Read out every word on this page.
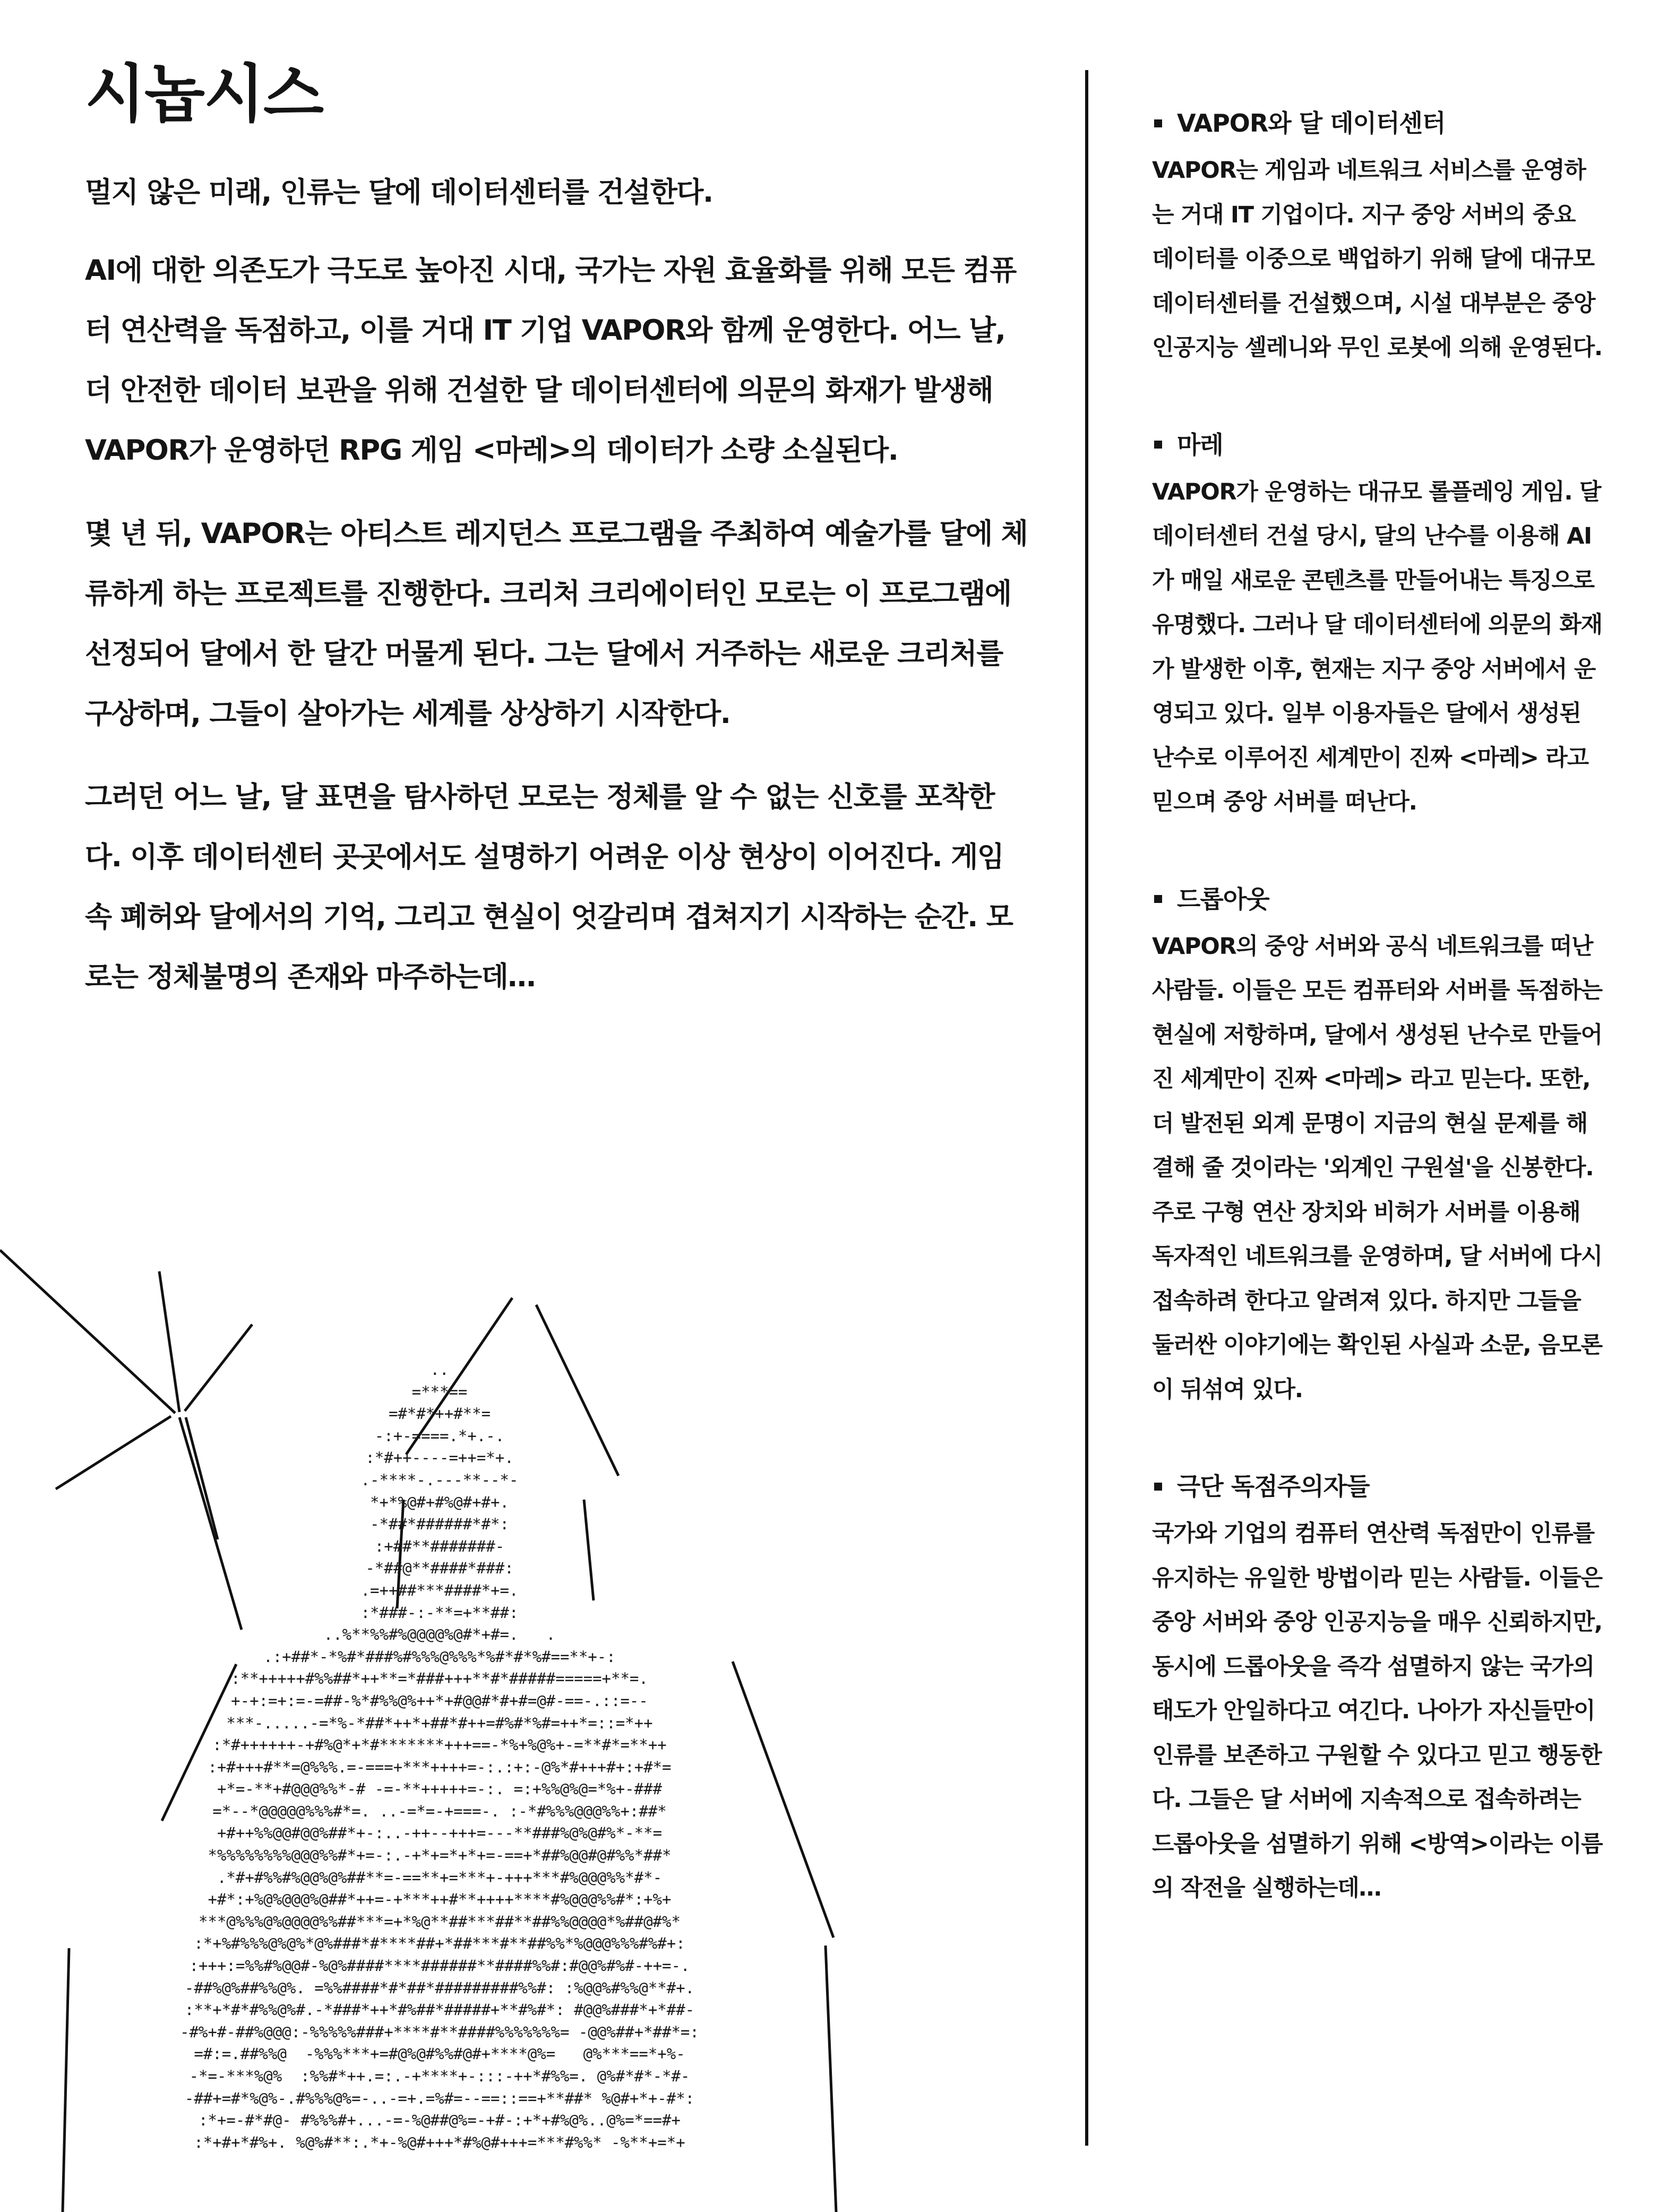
시놉시스

멀지 않은 미래, 인류는 달에 데이터센터를 건설한다.

AI에 대한 의존도가 극도로 높아진 시대, 국가는 자원 효율화를 위해 모든 컴퓨터 연산력을 독점하고, 이를 거대 IT 기업 VAPOR와 함께 운영한다. 어느 날, 더 안전한 데이터 보관을 위해 건설한 달 데이터센터에 의문의 화재가 발생해 VAPOR가 운영하던 RPG 게임 <마레>의 데이터가 소량 소실된다.

몇 년 뒤, VAPOR는 아티스트 레지던스 프로그램을 주최하여 예술가를 달에 체류하게 하는 프로젝트를 진행한다. 크리처 크리에이터인 모로는 이 프로그램에 선정되어 달에서 한 달간 머물게 된다. 그는 달에서 거주하는 새로운 크리처를 구상하며, 그들이 살아가는 세계를 상상하기 시작한다.

그러던 어느 날, 달 표면을 탐사하던 모로는 정체를 알 수 없는 신호를 포착한다. 이후 데이터센터 곳곳에서도 설명하기 어려운 이상 현상이 이어진다. 게임 속 폐허와 달에서의 기억, 그리고 현실이 엇갈리며 겹쳐지기 시작하는 순간. 모로는 정체불명의 존재와 마주하는데…

VAPOR와 달 데이터센터

VAPOR는 게임과 네트워크 서비스를 운영하는 거대 IT 기업이다. 지구 중앙 서버의 중요 데이터를 이중으로 백업하기 위해 달에 대규모 데이터센터를 건설했으며, 시설 대부분은 중앙 인공지능 셀레니와 무인 로봇에 의해 운영된다.

마레

VAPOR가 운영하는 대규모 롤플레잉 게임. 달 데이터센터 건설 당시, 달의 난수를 이용해 AI가 매일 새로운 콘텐츠를 만들어내는 특징으로 유명했다. 그러나 달 데이터센터에 의문의 화재가 발생한 이후, 현재는 지구 중앙 서버에서 운영되고 있다. 일부 이용자들은 달에서 생성된 난수로 이루어진 세계만이 진짜 <마레> 라고 믿으며 중앙 서버를 떠난다.

드롭아웃

VAPOR의 중앙 서버와 공식 네트워크를 떠난 사람들. 이들은 모든 컴퓨터와 서버를 독점하는 현실에 저항하며, 달에서 생성된 난수로 만들어진 세계만이 진짜 <마레> 라고 믿는다. 또한, 더 발전된 외계 문명이 지금의 현실 문제를 해결해 줄 것이라는 '외계인 구원설'을 신봉한다. 주로 구형 연산 장치와 비허가 서버를 이용해 독자적인 네트워크를 운영하며, 달 서버에 다시 접속하려 한다고 알려져 있다. 하지만 그들을 둘러싼 이야기에는 확인된 사실과 소문, 음모론이 뒤섞여 있다.

극단 독점주의자들

국가와 기업의 컴퓨터 연산력 독점만이 인류를 유지하는 유일한 방법이라 믿는 사람들. 이들은 중앙 서버와 중앙 인공지능을 매우 신뢰하지만, 동시에 드롭아웃을 즉각 섬멸하지 않는 국가의 태도가 안일하다고 여긴다. 나아가 자신들만이 인류를 보존하고 구원할 수 있다고 믿고 행동한다. 그들은 달 서버에 지속적으로 접속하려는 드롭아웃을 섬멸하기 위해 <방역>이라는 이름의 작전을 실행하는데…

..
=***==
=#*#*++#**=
-:+-====.*+.-.
:*#++----=++=*+.
.-****-.---**--*-
*+*%@#+#%@#+#+.
-*##*######*#*:
:+##**#######-
-*##@**####*###:
.=++##***####*+=.
:*###-:-**=+**##:
..%**%%#%@@@@%@#*+#=.   .
.:+##*-*%#*###%#%%%@%%%*%#*#*%#==**+-:
:**+++++#%%##*++**=*###+++**#*#####=====+**=.
+-+:=+:=-=##-%*#%%@%++*+#@@#*#+#=@#-==-.::=--
***-.....-=*%-*##*++*+##*#++=#%#*%#=++*=::=*++
:*#++++++-+#%@*+*#*******+++==-*%+%@%+-=**#*=**++
:+#+++#**=@%%%.=-===+***++++=-:.:+:-@%*#+++#+:+#*=
+*=-**+#@@@%%*-# -=-**+++++=-:. =:+%%@%@=*%+-###
=*--*@@@@@%%%#*=. ..-=*=-+===-. :-*#%%%@@@%%+:##*
+#++%%@@#@@%##*+-:..-++--+++=---**###%@%@#%*-**=
*%%%%%%%%@@@%%#*+=-:.-+*+=*+*+=-==+*##%@@#@#%%*##*
.*#+#%%#%@@%@%##**=-==**+=***+-+++***#%@@@%%*#*-
+#*:+%@%@@@%@##*++=-+***++#**++++****#%@@@%%#*:+%+
***@%%%@%@@@@%%##***=+*%@**##***##**##%%@@@@*%##@#%*
:*+%#%%%@%@%*@%###*#****##+*##***#**##%%*%@@@%%%#%#+:
:+++:=%%#%@@#-%@%####****######**####%%#:#@@%#%#-++=-.
-##%@%##%%@%. =%%####*#*##*#########%%#: :%@@%#%%@**#+.
:**+*#*#%%@%#.-*###*++*#%##*#####+**#%#*: #@@%###*+*##-
-#%+#-##%@@@:-%%%%%###+****#**####%%%%%%%= -@@%##+*##*=:
=#:=.##%%@  -%%%***+=#@%@#%%#@#+****@%=   @%***==*+%-
-*=-***%@%  :%%#*++.=:.-+****+-:::-++*#%%=. @%#*#*-*#-
-##+=#*%@%-.#%%%@%=-..-=+.=%#=--==::==+**##* %@#+*+-#*:
:*+=-#*#@- #%%%#+...-=-%@##@%=-+#-:+*+#%@%..@%=*==#+
:*+#+*#%+. %@%#**:.*+-%@#+++*#%@#+++=***#%%* -%**+=*+
